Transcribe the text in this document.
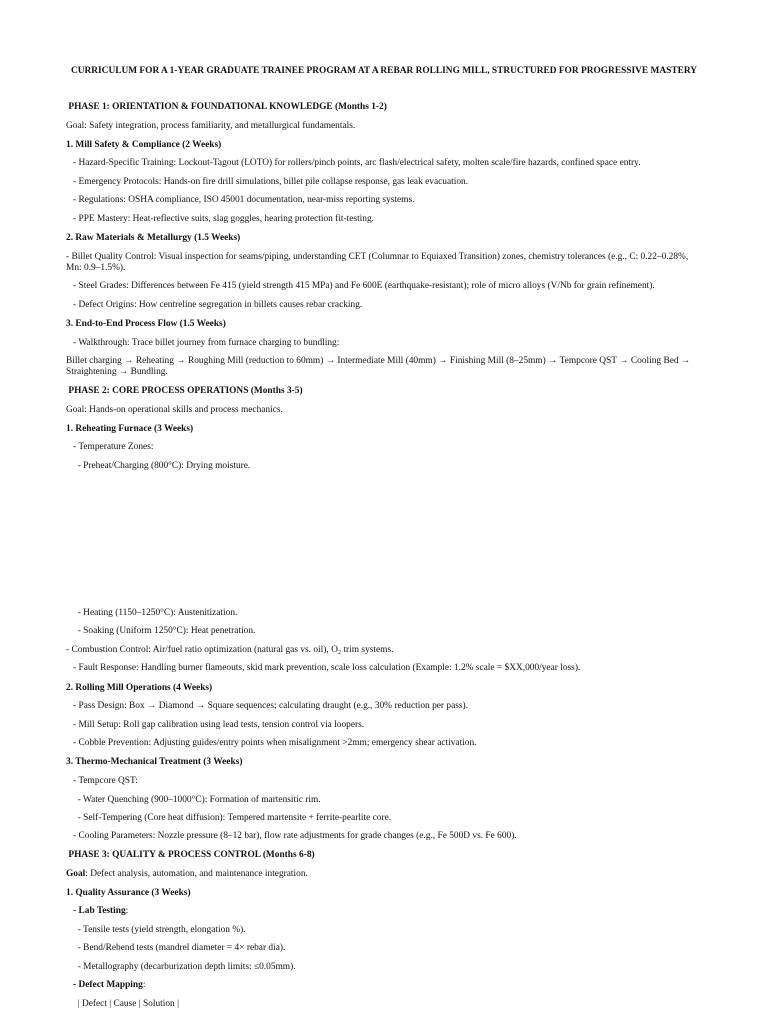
CURRICULUM FOR A 1-YEAR GRADUATE TRAINEE PROGRAM AT A REBAR ROLLING MILL, STRUCTURED FOR PROGRESSIVE MASTERY
PHASE 1: ORIENTATION & FOUNDATIONAL KNOWLEDGE (Months 1-2)
Goal: Safety integration, process familiarity, and metallurgical fundamentals.
1. Mill Safety & Compliance (2 Weeks)
- Hazard-Specific Training: Lockout-Tagout (LOTO) for rollers/pinch points, arc flash/electrical safety, molten scale/fire hazards, confined space entry.
- Emergency Protocols: Hands-on fire drill simulations, billet pile collapse response, gas leak evacuation.
- Regulations: OSHA compliance, ISO 45001 documentation, near-miss reporting systems.
- PPE Mastery: Heat-reflective suits, slag goggles, hearing protection fit-testing.
2. Raw Materials & Metallurgy (1.5 Weeks)
- Billet Quality Control: Visual inspection for seams/piping, understanding CET (Columnar to Equiaxed Transition) zones, chemistry tolerances (e.g., C: 0.22–0.28%, Mn: 0.9–1.5%).
- Steel Grades: Differences between Fe 415 (yield strength 415 MPa) and Fe 600E (earthquake-resistant); role of micro alloys (V/Nb for grain refinement).
- Defect Origins: How centreline segregation in billets causes rebar cracking.
3. End-to-End Process Flow (1.5 Weeks)
- Walkthrough: Trace billet journey from furnace charging to bundling:
Billet charging → Reheating → Roughing Mill (reduction to 60mm) → Intermediate Mill (40mm) → Finishing Mill (8–25mm) → Tempcore QST → Cooling Bed → Straightening → Bundling.
PHASE 2: CORE PROCESS OPERATIONS (Months 3-5)
Goal: Hands-on operational skills and process mechanics.
1. Reheating Furnace (3 Weeks)
- Temperature Zones:
- Preheat/Charging (800°C): Drying moisture.
- Heating (1150–1250°C): Austenitization.
- Soaking (Uniform 1250°C): Heat penetration.
- Combustion Control: Air/fuel ratio optimization (natural gas vs. oil), O₂ trim systems.
- Fault Response: Handling burner flameouts, skid mark prevention, scale loss calculation (Example: 1.2% scale = $XX,000/year loss).
2. Rolling Mill Operations (4 Weeks)
- Pass Design: Box → Diamond → Square sequences; calculating draught (e.g., 30% reduction per pass).
- Mill Setup: Roll gap calibration using lead tests, tension control via loopers.
- Cobble Prevention: Adjusting guides/entry points when misalignment >2mm; emergency shear activation.
3. Thermo-Mechanical Treatment (3 Weeks)
- Tempcore QST:
- Water Quenching (900–1000°C): Formation of martensitic rim.
- Self-Tempering (Core heat diffusion): Tempered martensite + ferrite-pearlite core.
- Cooling Parameters: Nozzle pressure (8–12 bar), flow rate adjustments for grade changes (e.g., Fe 500D vs. Fe 600).
PHASE 3: QUALITY & PROCESS CONTROL (Months 6-8)
Goal: Defect analysis, automation, and maintenance integration.
1. Quality Assurance (3 Weeks)
- Lab Testing:
- Tensile tests (yield strength, elongation %).
- Bend/Rebend tests (mandrel diameter = 4× rebar dia).
- Metallography (decarburization depth limits: ≤0.05mm).
- Defect Mapping:
| Defect | Cause | Solution |
